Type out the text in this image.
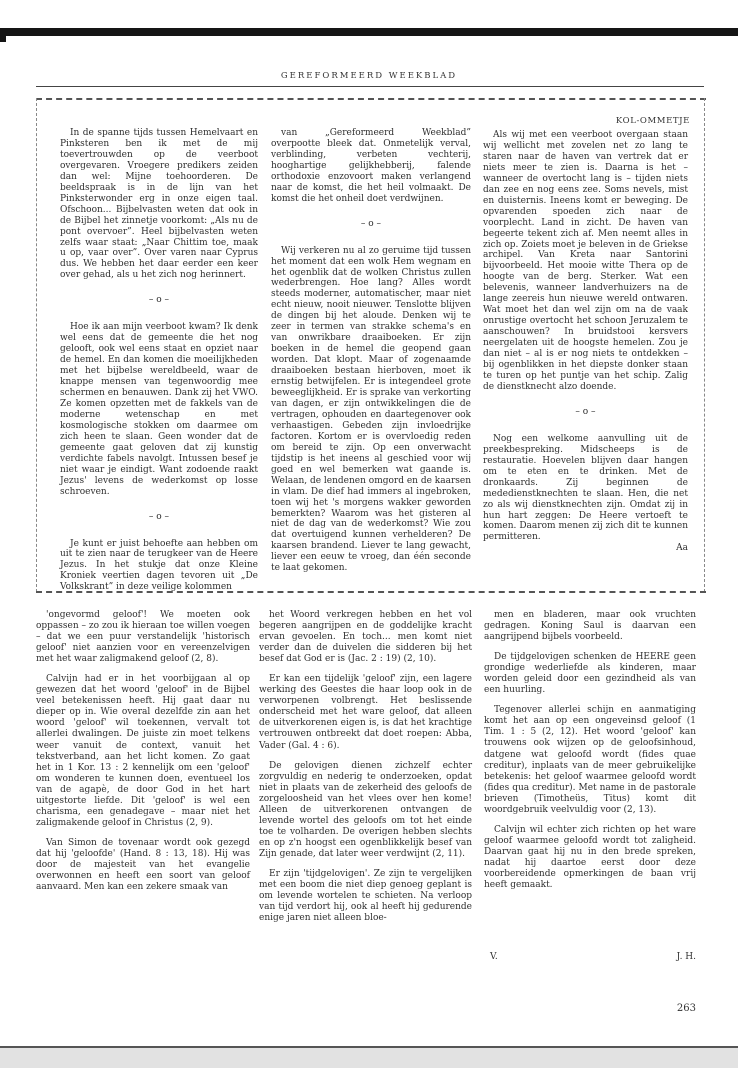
GEREFORMEERD WEEKBLAD
KOL-OMMETJE

In de spanne tijds tussen Hemelvaart en Pinksteren ben ik met de mij toevertrouwden op de veerboot overgevaren. Vroegere predikers zeiden dan wel: Mijne toehoorderen. De beeldspraak is in de lijn van het Pinksterwonder erg in onze eigen taal. Ofschoon... Bijbelvasten weten dat ook in de Bijbel het zinnetje voorkomt: „Als nu de pont overvoer”. Heel bijbelvasten weten zelfs waar staat: „Naar Chittim toe, maak u op, vaar over”. Over varen naar Cyprus dus. We hebben het daar eerder een keer over gehad, als u het zich nog herinnert.

– o –

Hoe ik aan mijn veerboot kwam? Ik denk wel eens dat de gemeente die het nog gelooft, ook wel eens staat en opziet naar de hemel. En dan komen die moeilijkheden met het bijbelse wereldbeeld, waar de knappe mensen van tegenwoordig mee schermen en benauwen. Dank zij het VWO. Ze komen opzetten met de fakkels van de moderne wetenschap en met kosmologische stokken om daarmee om zich heen te slaan. Geen wonder dat de gemeente gaat geloven dat zij kunstig verdichte fabels navolgt. Intussen besef je niet waar je eindigt. Want zodoende raakt Jezus' levens de wederkomst op losse schroeven.

– o –

Je kunt er juist behoefte aan hebben om uit te zien naar de terugkeer van de Heere Jezus. In het stukje dat onze Kleine Kroniek veertien dagen tevoren uit „De Volkskrant” in deze veilige kolommen

van „Gereformeerd Weekblad” overpootte bleek dat. Onmetelijk verval, verblinding, verbeten vechterij, hooghartige gelijkhebberij, falende orthodoxie enzovoort maken verlangend naar de komst, die het heil volmaakt. De komst die het onheil doet verdwijnen.

– o –

Wij verkeren nu al zo geruime tijd tussen het moment dat een wolk Hem wegnam en het ogenblik dat de wolken Christus zullen wederbrengen. Hoe lang? Alles wordt steeds moderner, automatischer, maar niet echt nieuw, nooit nieuwer. Tenslotte blijven de dingen bij het aloude. Denken wij te zeer in termen van strakke schema's en van onwrikbare draaiboeken. Er zijn boeken in de hemel die geopend gaan worden. Dat klopt. Maar of zogenaamde draaiboeken bestaan hierboven, moet ik ernstig betwijfelen. Er is integendeel grote beweeglijkheid. Er is sprake van verkorting van dagen, er zijn ontwikkelingen die de vertragen, ophouden en daartegenover ook verhaastigen. Gebeden zijn invloedrijke factoren. Kortom er is overvloedig reden om bereid te zijn. Op een onverwacht tijdstip is het ineens al geschied voor wij goed en wel bemerken wat gaande is. Welaan, de lendenen omgord en de kaarsen in vlam. De dief had immers al ingebroken, toen wij het 's morgens wakker geworden bemerkten? Waarom was het gisteren al niet de dag van de wederkomst? Wie zou dat overtuigend kunnen verhelderen? De kaarsen brandend. Liever te lang gewacht, liever een eeuw te vroeg, dan één seconde te laat gekomen.

Als wij met een veerboot overgaan staan wij wellicht met zovelen net zo lang te staren naar de haven van vertrek dat er niets meer te zien is. Daarna is het – wanneer de overtocht lang is – tijden niets dan zee en nog eens zee. Soms nevels, mist en duisternis. Ineens komt er beweging. De opvarenden spoeden zich naar de voorplecht. Land in zicht. De haven van begeerte tekent zich af. Men neemt alles in zich op. Zoiets moet je beleven in de Griekse archipel. Van Kreta naar Santorini bijvoorbeeld. Het mooie witte Thera op de hoogte van de berg. Sterker. Wat een belevenis, wanneer landverhuizers na de lange zeereis hun nieuwe wereld ontwaren. Wat moet het dan wel zijn om na de vaak onrustige overtocht het schoon Jeruzalem te aanschouwen? In bruidstooi kersvers neergelaten uit de hoogste hemelen. Zou je dan niet – al is er nog niets te ontdekken – bij ogenblikken in het diepste donker staan te turen op het puntje van het schip. Zalig de dienstknecht alzo doende.

– o –

Nog een welkome aanvulling uit de preekbespreking. Midscheeps is de restauratie. Hoevelen blijven daar hangen om te eten en te drinken. Met de dronkaards. Zij beginnen de mededienstknechten te slaan. Hen, die net zo als wij dienstknechten zijn. Omdat zij in hun hart zeggen: De Heere vertoeft te komen. Daarom menen zij zich dit te kunnen permitteren.

Aa

'ongevormd geloof'! We moeten ook oppassen – zo zou ik hieraan toe willen voegen – dat we een puur verstandelijk 'historisch geloof' niet aanzien voor en vereenzelvigen met het waar zaligmakend geloof (2, 8).

Calvijn had er in het voorbijgaan al op gewezen dat het woord 'geloof' in de Bijbel veel betekenissen heeft. Hij gaat daar nu dieper op in. Wie overal dezelfde zin aan het woord 'geloof' wil toekennen, vervalt tot allerlei dwalingen. De juiste zin moet telkens weer vanuit de context, vanuit het tekstverband, aan het licht komen. Zo gaat het in 1 Kor. 13 : 2 kennelijk om een 'geloof' om wonderen te kunnen doen, eventueel los van de agapè, de door God in het hart uitgestorte liefde. Dit 'geloof' is wel een charisma, een genadegave – maar niet het zaligmakende geloof in Christus (2, 9).

Van Simon de tovenaar wordt ook gezegd dat hij 'geloofde' (Hand. 8 : 13, 18). Hij was door de majesteit van het evangelie overwonnen en heeft een soort van geloof aanvaard. Men kan een zekere smaak van

het Woord verkregen hebben en het vol begeren aangrijpen en de goddelijke kracht ervan gevoelen. En toch... men komt niet verder dan de duivelen die sidderen bij het besef dat God er is (Jac. 2 : 19) (2, 10).

Er kan een tijdelijk 'geloof' zijn, een lagere werking des Geestes die haar loop ook in de verworpenen volbrengt. Het beslissende onderscheid met het ware geloof, dat alleen de uitverkorenen eigen is, is dat het krachtige vertrouwen ontbreekt dat doet roepen: Abba, Vader (Gal. 4 : 6).

De gelovigen dienen zichzelf echter zorgvuldig en nederig te onderzoeken, opdat niet in plaats van de zekerheid des geloofs de zorgeloosheid van het vlees over hen kome! Alleen de uitverkorenen ontvangen de levende wortel des geloofs om tot het einde toe te volharden. De overigen hebben slechts en op z'n hoogst een ogenblikkelijk besef van Zijn genade, dat later weer verdwijnt (2, 11).

Er zijn 'tijdgelovigen'. Ze zijn te vergelijken met een boom die niet diep genoeg geplant is om levende wortelen te schieten. Na verloop van tijd verdort hij, ook al heeft hij gedurende enige jaren niet alleen bloe-

men en bladeren, maar ook vruchten gedragen. Koning Saul is daarvan een aangrijpend bijbels voorbeeld.

De tijdgelovigen schenken de HEERE geen grondige wederliefde als kinderen, maar worden geleid door een gezindheid als van een huurling.

Tegenover allerlei schijn en aanmatiging komt het aan op een ongeveinsd geloof (1 Tim. 1 : 5 (2, 12). Het woord 'geloof' kan trouwens ook wijzen op de geloofsinhoud, datgene wat geloofd wordt (fides quae creditur), inplaats van de meer gebruikelijke betekenis: het geloof waarmee geloofd wordt (fides qua creditur). Met name in de pastorale brieven (Timotheüs, Titus) komt dit woordgebruik veelvuldig voor (2, 13).

Calvijn wil echter zich richten op het ware geloof waarmee geloofd wordt tot zaligheid. Daarvan gaat hij nu in den brede spreken, nadat hij daartoe eerst door deze voorbereidende opmerkingen de baan vrij heeft gemaakt.

V.	J. H.
263
